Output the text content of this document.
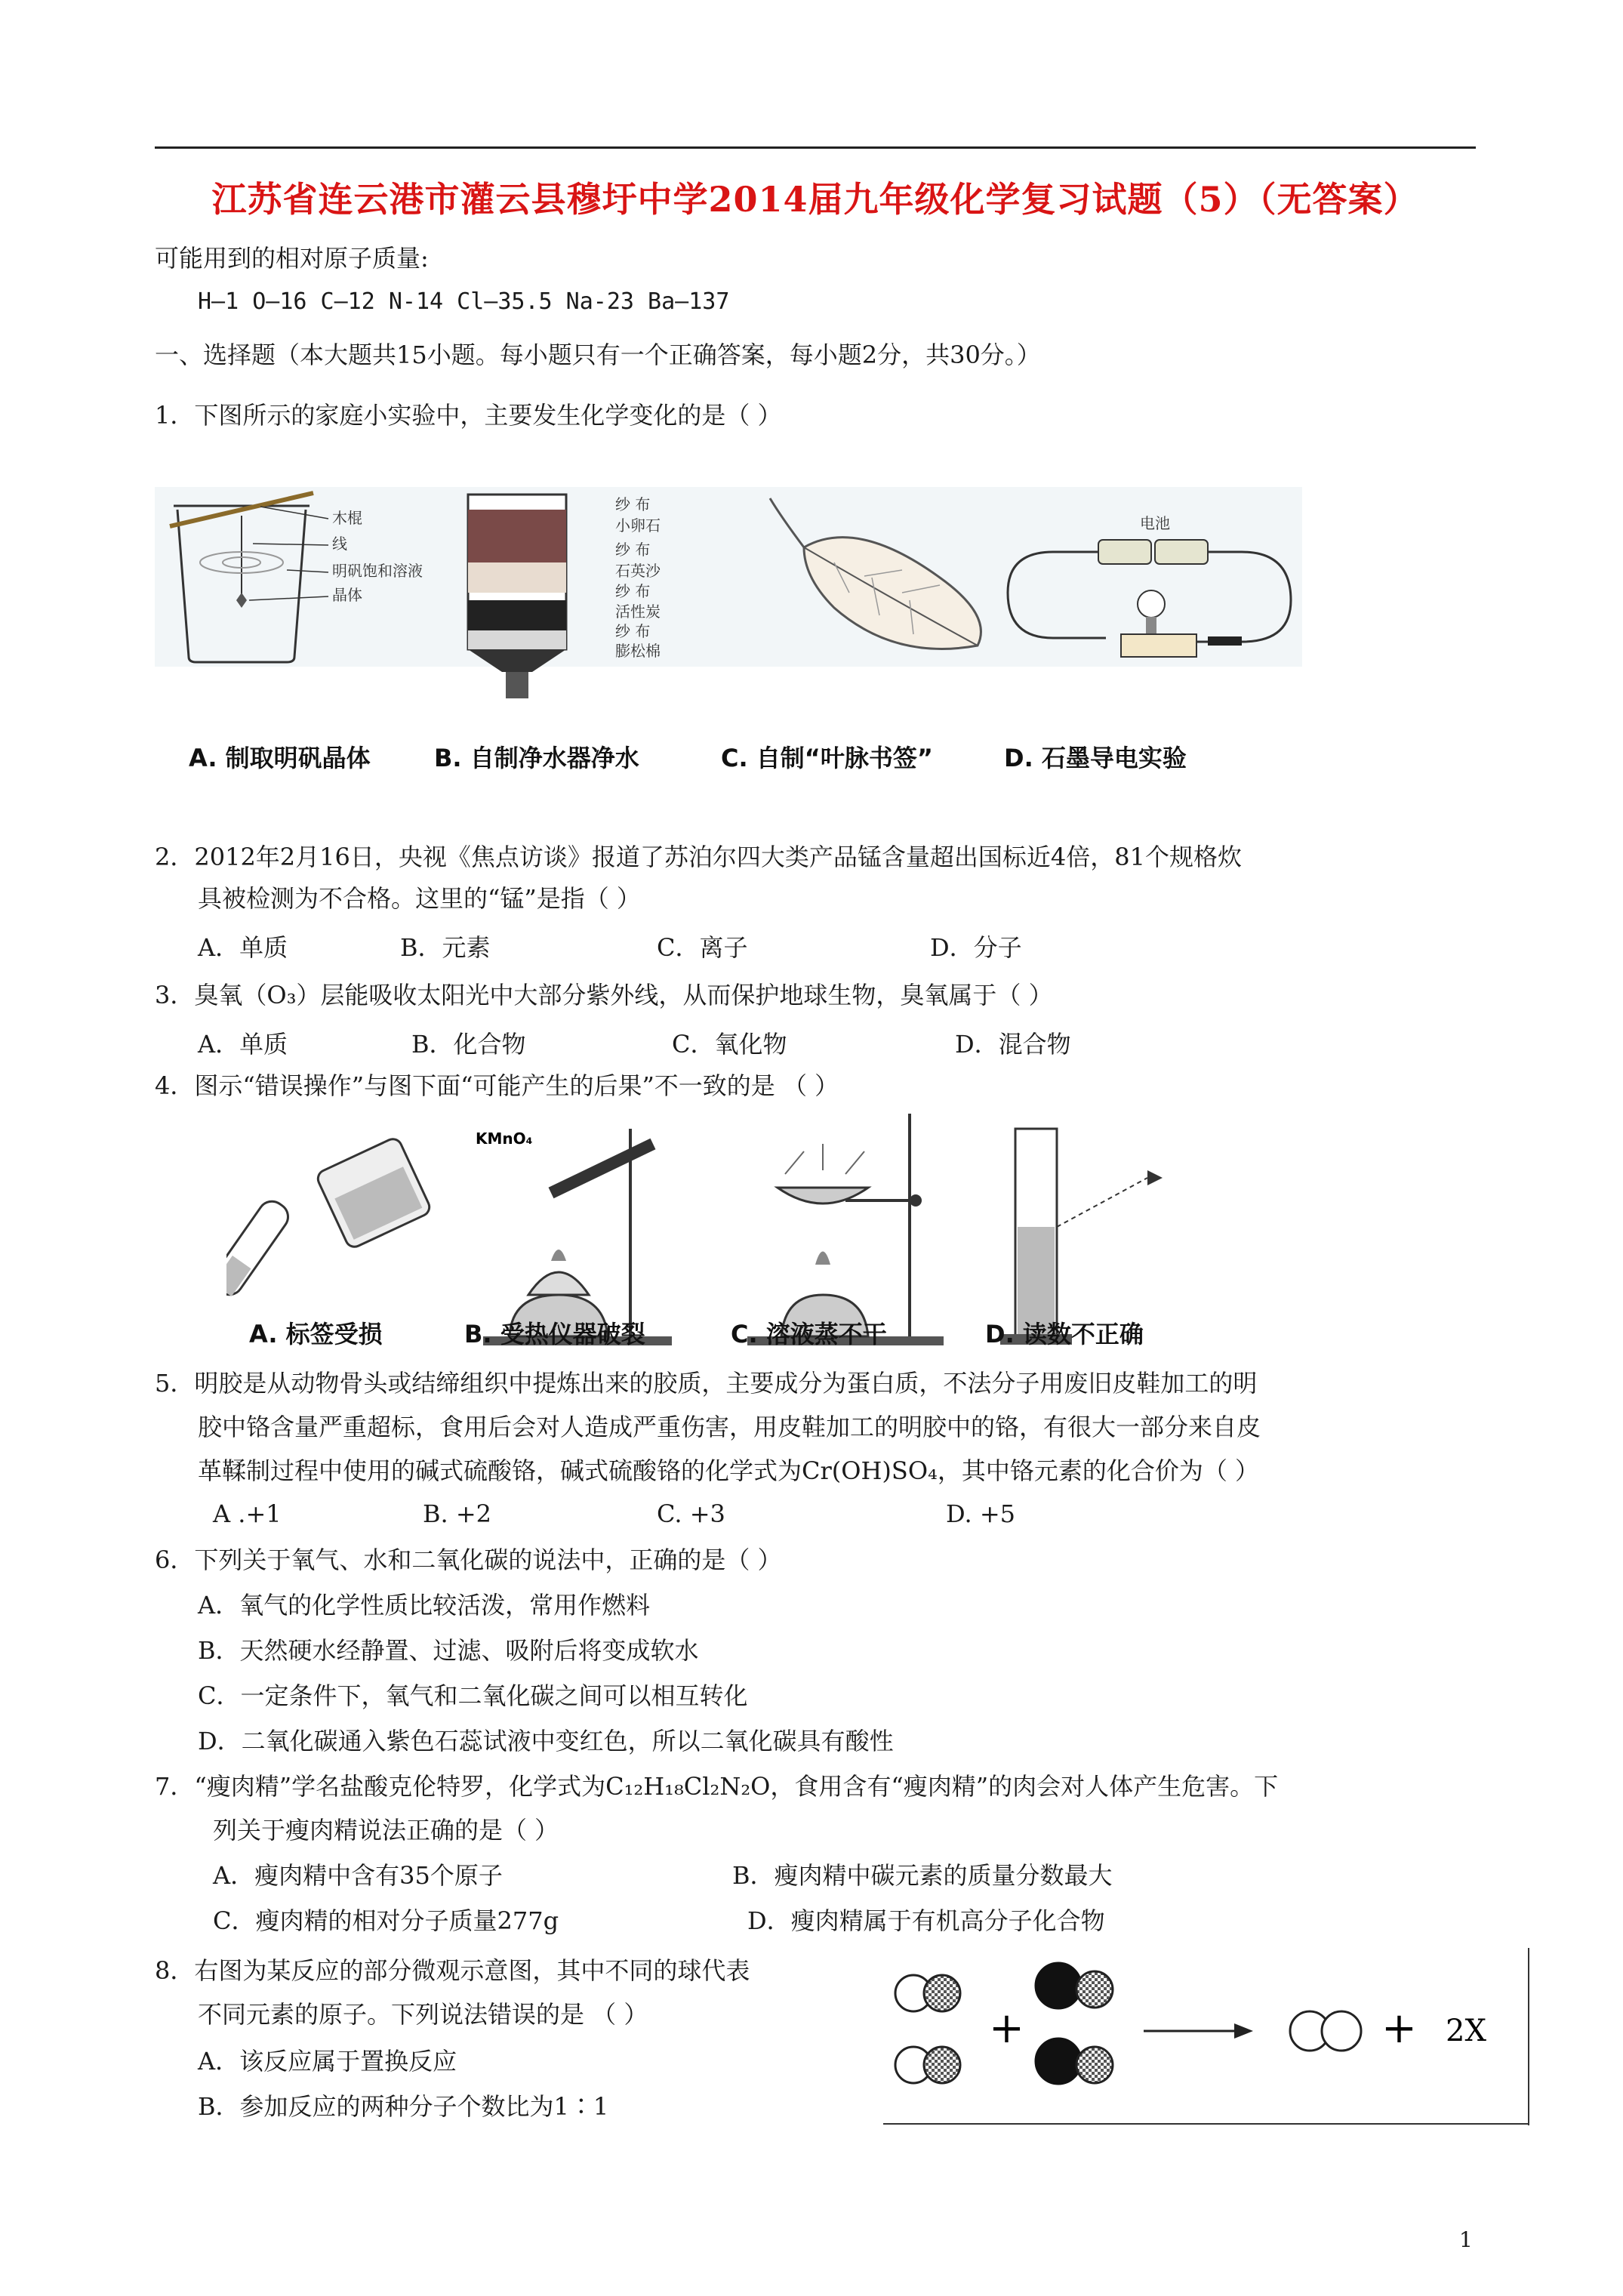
江苏省连云港市灌云县穆圩中学2014届九年级化学复习试题（5）（无答案）
可能用到的相对原子质量:
H—1 O—16 C—12 N-14 Cl—35.5 Na-23 Ba—137
一、选择题（本大题共15小题。每小题只有一个正确答案，每小题2分，共30分。）
1．下图所示的家庭小实验中，主要发生化学变化的是（ ）
木棍
线
明矾饱和溶液
晶体
纱 布
小卵石
纱 布
石英沙
纱 布
活性炭
纱 布
膨松棉
电池
A. 制取明矾晶体	B. 自制净水器净水	C. 自制“叶脉书签”	D. 石墨导电实验
2．2012年2月16日，央视《焦点访谈》报道了苏泊尔四大类产品锰含量超出国标近4倍，81个规格炊
具被检测为不合格。这里的“锰”是指（ ）
A．单质	B．元素	C．离子	D．分子
3．臭氧（O₃）层能吸收太阳光中大部分紫外线，从而保护地球生物，臭氧属于（ ）
A．单质	B．化合物	C．氧化物	D．混合物
4．图示“错误操作”与图下面“可能产生的后果”不一致的是 （ ）
KMnO₄
A. 标签受损	B. 受热仪器破裂	C. 溶液蒸不干	D. 读数不正确
5．明胶是从动物骨头或结缔组织中提炼出来的胶质，主要成分为蛋白质，不法分子用废旧皮鞋加工的明
胶中铬含量严重超标，食用后会对人造成严重伤害，用皮鞋加工的明胶中的铬，有很大一部分来自皮
革鞣制过程中使用的碱式硫酸铬，碱式硫酸铬的化学式为Cr(OH)SO₄，其中铬元素的化合价为（ ）
A .+1	B. +2	C. +3	D. +5
6．下列关于氧气、水和二氧化碳的说法中，正确的是（ ）
A．氧气的化学性质比较活泼，常用作燃料
B．天然硬水经静置、过滤、吸附后将变成软水
C．一定条件下，氧气和二氧化碳之间可以相互转化
D．二氧化碳通入紫色石蕊试液中变红色，所以二氧化碳具有酸性
7．“瘦肉精”学名盐酸克伦特罗，化学式为C₁₂H₁₈Cl₂N₂O，食用含有“瘦肉精”的肉会对人体产生危害。下
列关于瘦肉精说法正确的是（ ）
A．瘦肉精中含有35个原子	B．瘦肉精中碳元素的质量分数最大
C．瘦肉精的相对分子质量277g	D．瘦肉精属于有机高分子化合物
8．右图为某反应的部分微观示意图，其中不同的球代表
不同元素的原子。下列说法错误的是 （ ）
A．该反应属于置换反应
B．参加反应的两种分子个数比为1∶1
+	+ 2X
1
